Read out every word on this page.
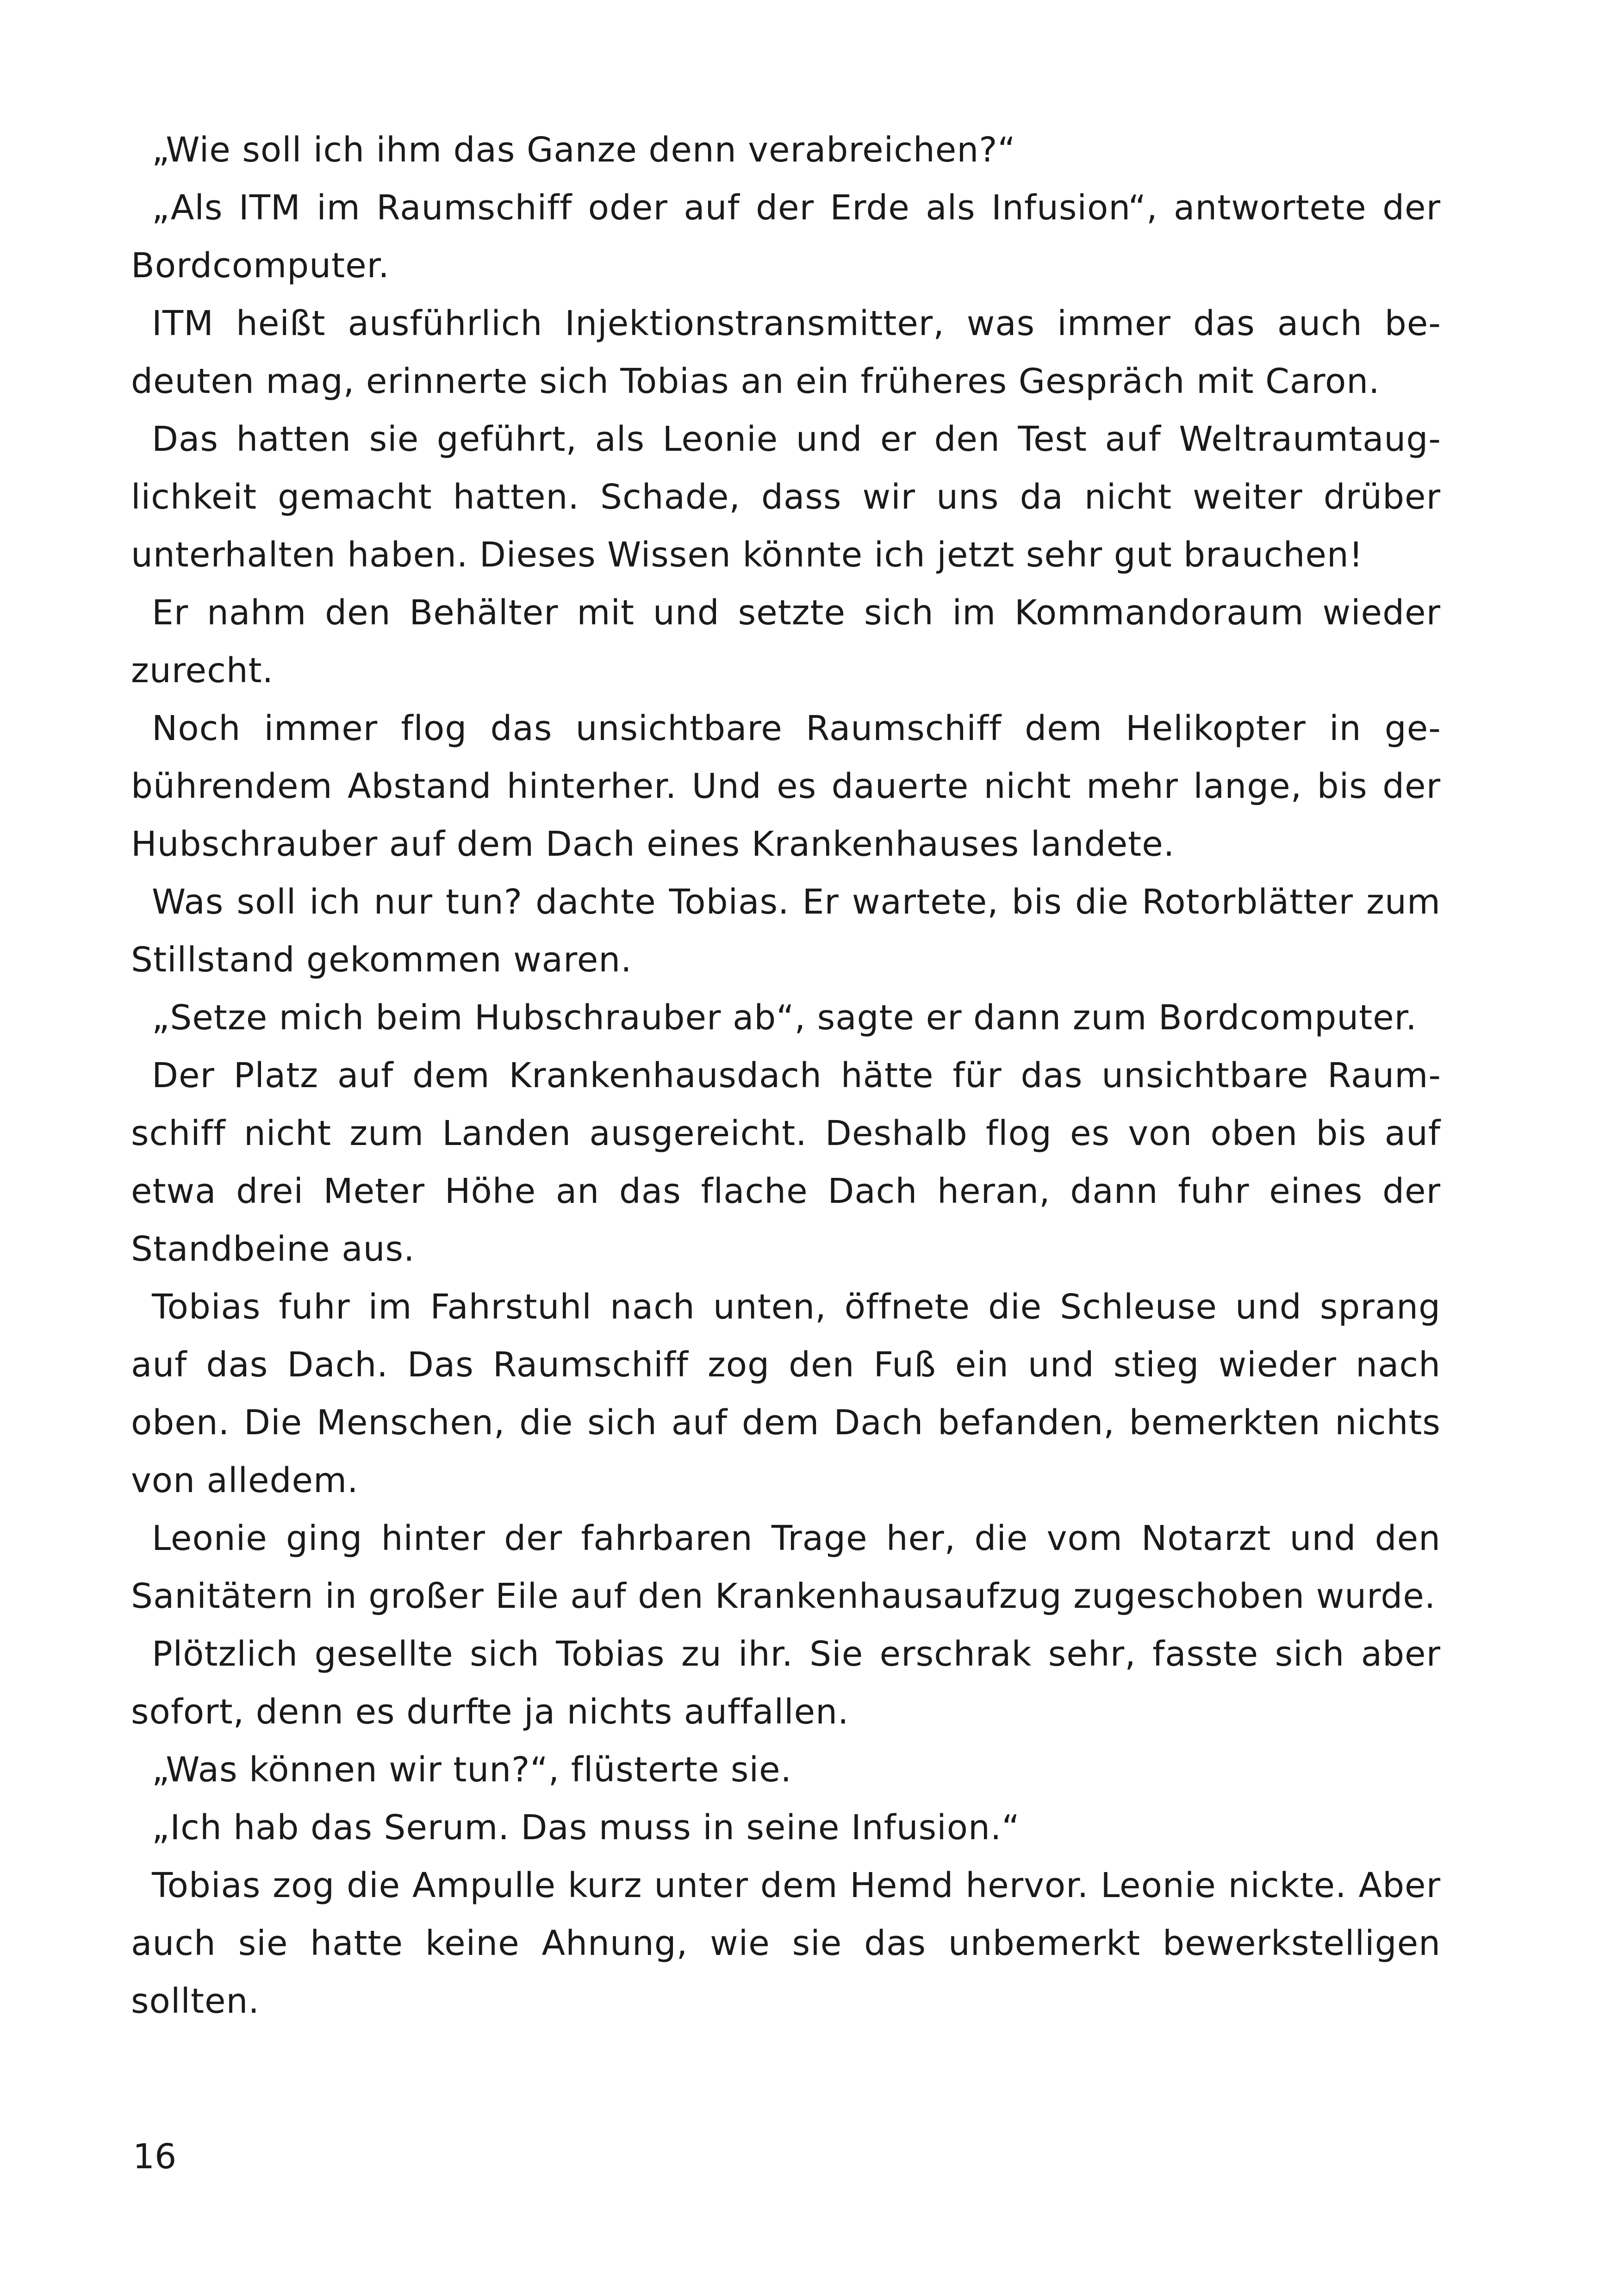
„Wie soll ich ihm das Ganze denn verabreichen?“

„Als ITM im Raumschiff oder auf der Erde als Infusion“, antwortete der Bordcomputer.

ITM heißt ausführlich Injektionstransmitter, was immer das auch bedeuten mag, erinnerte sich Tobias an ein früheres Gespräch mit Caron.

Das hatten sie geführt, als Leonie und er den Test auf Weltraumtauglichkeit gemacht hatten. Schade, dass wir uns da nicht weiter drüber unterhalten haben. Dieses Wissen könnte ich jetzt sehr gut brauchen!

Er nahm den Behälter mit und setzte sich im Kommandoraum wieder zurecht.

Noch immer flog das unsichtbare Raumschiff dem Helikopter in gebührendem Abstand hinterher. Und es dauerte nicht mehr lange, bis der Hubschrauber auf dem Dach eines Krankenhauses landete.

Was soll ich nur tun? dachte Tobias. Er wartete, bis die Rotorblätter zum Stillstand gekommen waren.

„Setze mich beim Hubschrauber ab“, sagte er dann zum Bordcomputer.

Der Platz auf dem Krankenhausdach hätte für das unsichtbare Raumschiff nicht zum Landen ausgereicht. Deshalb flog es von oben bis auf etwa drei Meter Höhe an das flache Dach heran, dann fuhr eines der Standbeine aus.

Tobias fuhr im Fahrstuhl nach unten, öffnete die Schleuse und sprang auf das Dach. Das Raumschiff zog den Fuß ein und stieg wieder nach oben. Die Menschen, die sich auf dem Dach befanden, bemerkten nichts von alledem.

Leonie ging hinter der fahrbaren Trage her, die vom Notarzt und den Sanitätern in großer Eile auf den Krankenhausaufzug zugeschoben wurde.

Plötzlich gesellte sich Tobias zu ihr. Sie erschrak sehr, fasste sich aber sofort, denn es durfte ja nichts auffallen.

„Was können wir tun?“, flüsterte sie.

„Ich hab das Serum. Das muss in seine Infusion.“

Tobias zog die Ampulle kurz unter dem Hemd hervor. Leonie nickte. Aber auch sie hatte keine Ahnung, wie sie das unbemerkt bewerkstelligen sollten.

16
